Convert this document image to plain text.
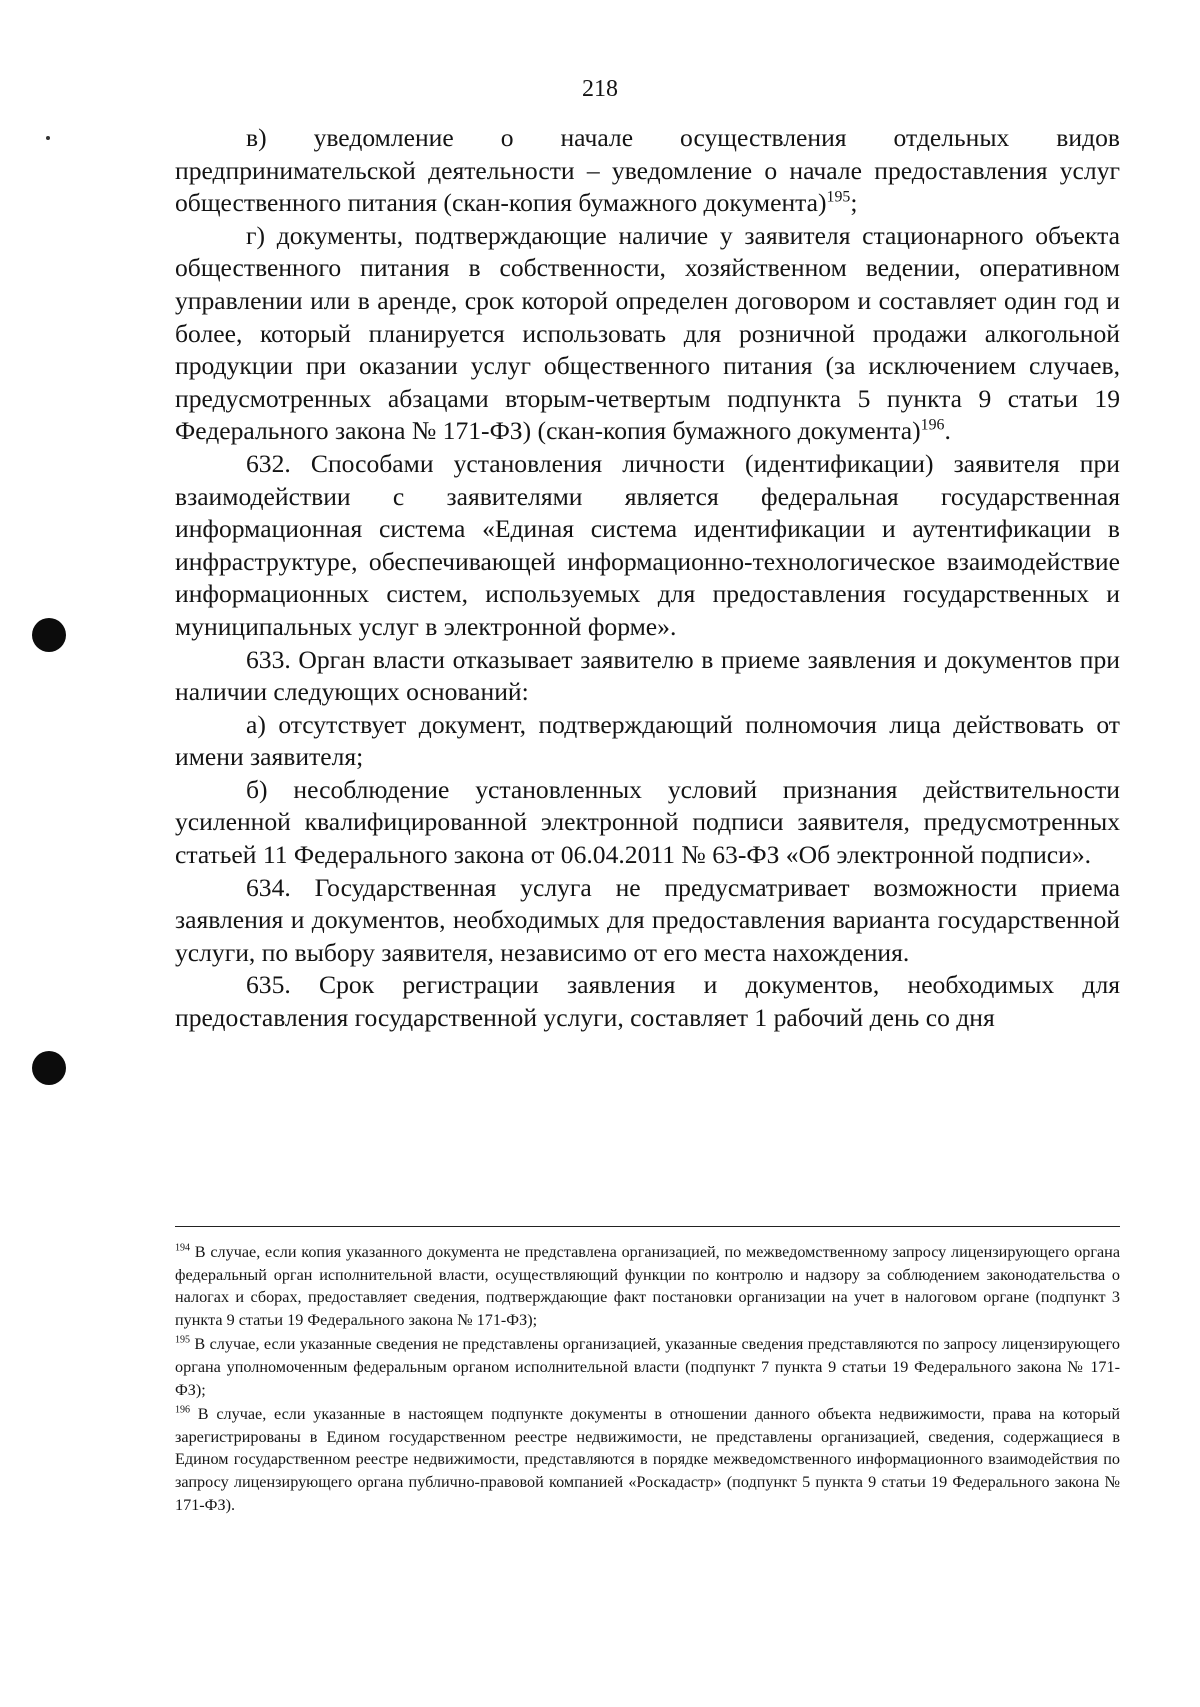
218

в) уведомление о начале осуществления отдельных видов предпринимательской деятельности – уведомление о начале предоставления услуг общественного питания (скан-копия бумажного документа)$^{195}$;

г) документы, подтверждающие наличие у заявителя стационарного объекта общественного питания в собственности, хозяйственном ведении, оперативном управлении или в аренде, срок которой определен договором и составляет один год и более, который планируется использовать для розничной продажи алкогольной продукции при оказании услуг общественного питания (за исключением случаев, предусмотренных абзацами вторым-четвертым подпункта 5 пункта 9 статьи 19 Федерального закона № 171-ФЗ) (скан-копия бумажного документа)$^{196}$.

632. Способами установления личности (идентификации) заявителя при взаимодействии с заявителями является федеральная государственная информационная система «Единая система идентификации и аутентификации в инфраструктуре, обеспечивающей информационно-технологическое взаимодействие информационных систем, используемых для предоставления государственных и муниципальных услуг в электронной форме».

633. Орган власти отказывает заявителю в приеме заявления и документов при наличии следующих оснований:

а) отсутствует документ, подтверждающий полномочия лица действовать от имени заявителя;

б) несоблюдение установленных условий признания действительности усиленной квалифицированной электронной подписи заявителя, предусмотренных статьей 11 Федерального закона от 06.04.2011 № 63-ФЗ «Об электронной подписи».

634. Государственная услуга не предусматривает возможности приема заявления и документов, необходимых для предоставления варианта государственной услуги, по выбору заявителя, независимо от его места нахождения.

635. Срок регистрации заявления и документов, необходимых для предоставления государственной услуги, составляет 1 рабочий день со дня

$^{194}$ В случае, если копия указанного документа не представлена организацией, по межведомственному запросу лицензирующего органа федеральный орган исполнительной власти, осуществляющий функции по контролю и надзору за соблюдением законодательства о налогах и сборах, предоставляет сведения, подтверждающие факт постановки организации на учет в налоговом органе (подпункт 3 пункта 9 статьи 19 Федерального закона № 171-ФЗ);

$^{195}$ В случае, если указанные сведения не представлены организацией, указанные сведения представляются по запросу лицензирующего органа уполномоченным федеральным органом исполнительной власти (подпункт 7 пункта 9 статьи 19 Федерального закона № 171-ФЗ);

$^{196}$ В случае, если указанные в настоящем подпункте документы в отношении данного объекта недвижимости, права на который зарегистрированы в Едином государственном реестре недвижимости, не представлены организацией, сведения, содержащиеся в Едином государственном реестре недвижимости, представляются в порядке межведомственного информационного взаимодействия по запросу лицензирующего органа публично-правовой компанией «Роскадастр» (подпункт 5 пункта 9 статьи 19 Федерального закона № 171-ФЗ).
